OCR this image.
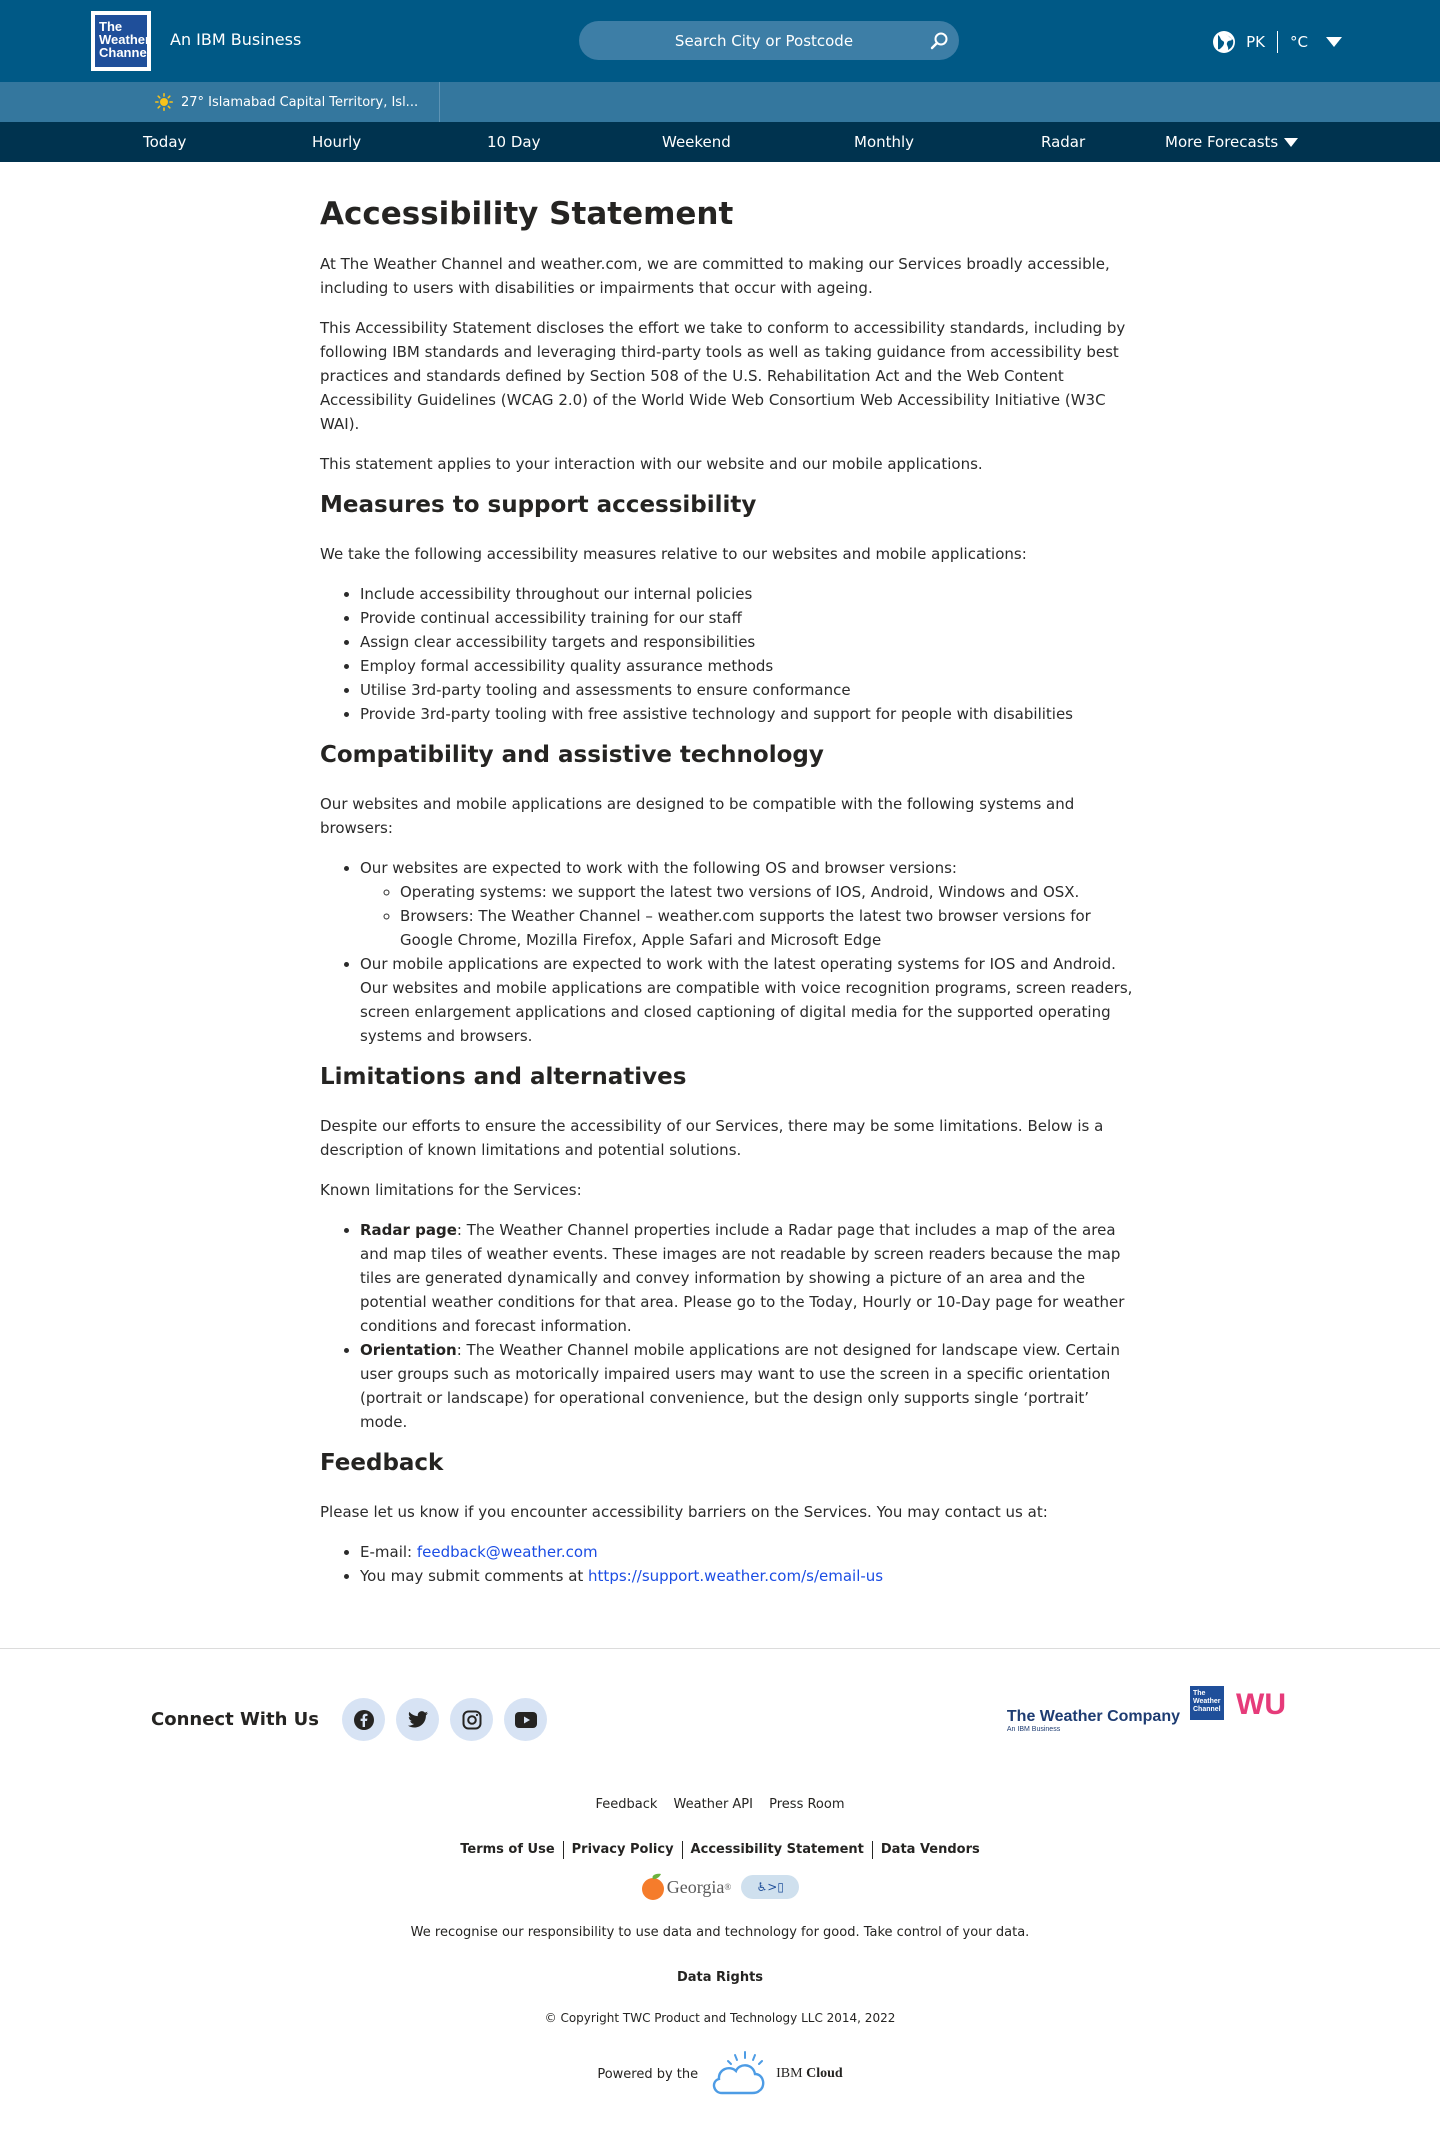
The
Weather
Channel
An IBM Business
Search City or Postcode	PK °C
27° Islamabad Capital Territory, Isl...
Today	Hourly	10 Day	Weekend	Monthly	Radar	More Forecasts
Accessibility Statement

At The Weather Channel and weather.com, we are committed to making our Services broadly accessible, including to users with disabilities or impairments that occur with ageing.

This Accessibility Statement discloses the effort we take to conform to accessibility standards, including by following IBM standards and leveraging third-party tools as well as taking guidance from accessibility best practices and standards defined by Section 508 of the U.S. Rehabilitation Act and the Web Content Accessibility Guidelines (WCAG 2.0) of the World Wide Web Consortium Web Accessibility Initiative (W3C WAI).

This statement applies to your interaction with our website and our mobile applications.

Measures to support accessibility

We take the following accessibility measures relative to our websites and mobile applications:

• Include accessibility throughout our internal policies
• Provide continual accessibility training for our staff
• Assign clear accessibility targets and responsibilities
• Employ formal accessibility quality assurance methods
• Utilise 3rd-party tooling and assessments to ensure conformance
• Provide 3rd-party tooling with free assistive technology and support for people with disabilities
Compatibility and assistive technology

Our websites and mobile applications are designed to be compatible with the following systems and browsers:

• Our websites are expected to work with the following OS and browser versions:
◦ Operating systems: we support the latest two versions of IOS, Android, Windows and OSX.
◦ Browsers: The Weather Channel – weather.com supports the latest two browser versions for Google Chrome, Mozilla Firefox, Apple Safari and Microsoft Edge
• Our mobile applications are expected to work with the latest operating systems for IOS and Android. Our websites and mobile applications are compatible with voice recognition programs, screen readers, screen enlargement applications and closed captioning of digital media for the supported operating systems and browsers.
Limitations and alternatives

Despite our efforts to ensure the accessibility of our Services, there may be some limitations. Below is a description of known limitations and potential solutions.

Known limitations for the Services:

• Radar page: The Weather Channel properties include a Radar page that includes a map of the area and map tiles of weather events. These images are not readable by screen readers because the map tiles are generated dynamically and convey information by showing a picture of an area and the potential weather conditions for that area. Please go to the Today, Hourly or 10-Day page for weather conditions and forecast information.
• Orientation: The Weather Channel mobile applications are not designed for landscape view. Certain user groups such as motorically impaired users may want to use the screen in a specific orientation (portrait or landscape) for operational convenience, but the design only supports single ‘portrait’ mode.
Feedback

Please let us know if you encounter accessibility barriers on the Services. You may contact us at:

• E-mail: feedback@weather.com
• You may submit comments at https://support.weather.com/s/email-us
Connect With Us	The Weather Company
An IBM Business
The
Weather
Channel WU
Feedback Weather API Press Room
Terms of Use	Privacy Policy	Accessibility Statement	Data Vendors
Georgia ®	♿>▯
We recognise our responsibility to use data and technology for good. Take control of your data.
Data Rights
© Copyright TWC Product and Technology LLC 2014, 2022
Powered by the	IBM Cloud
